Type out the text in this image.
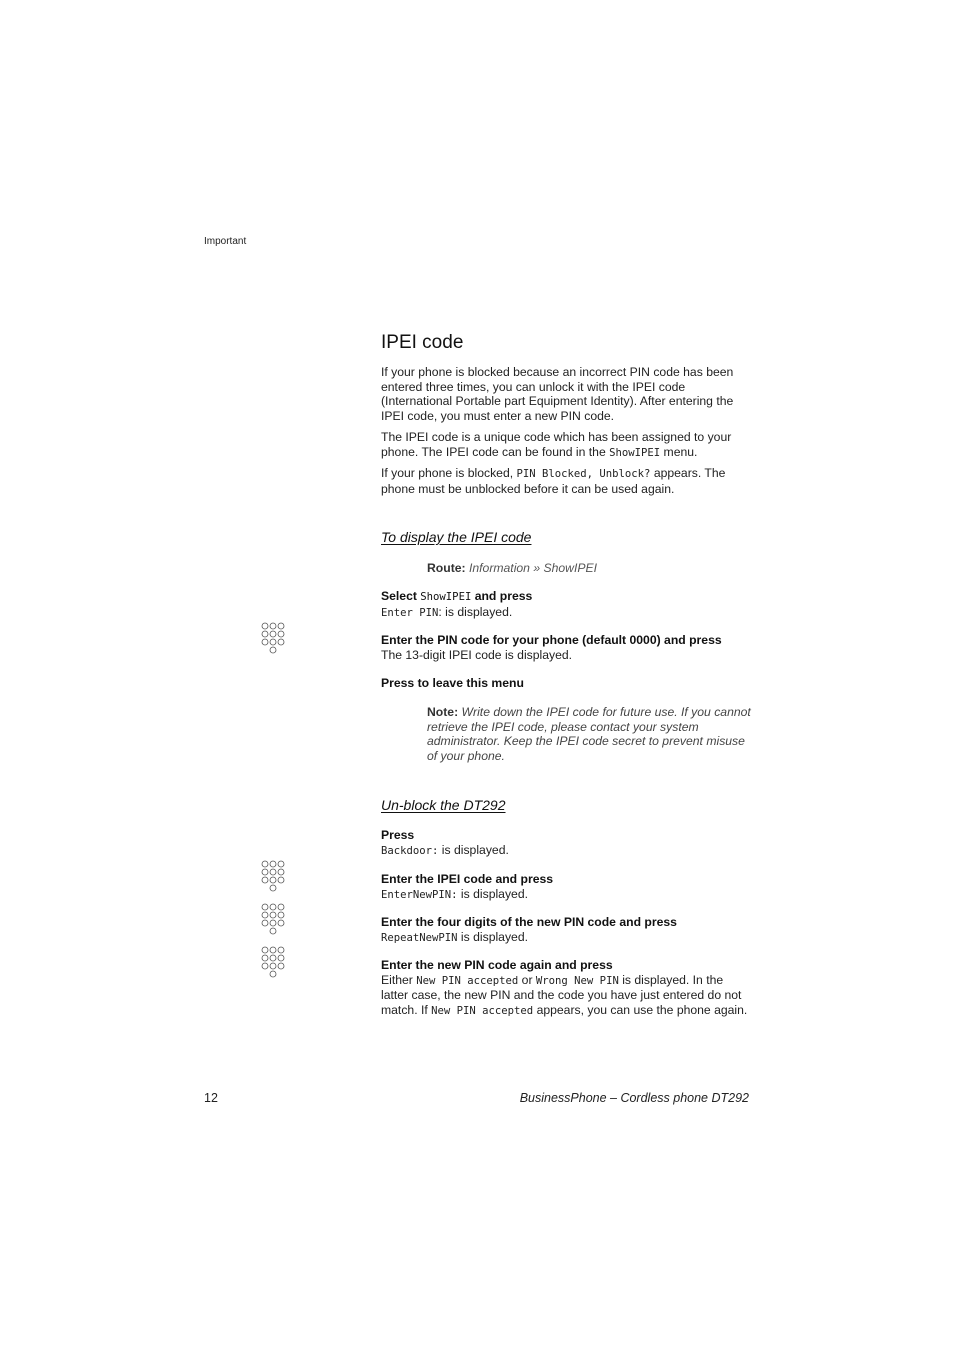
Important
IPEI code

If your phone is blocked because an incorrect PIN code has been entered three times, you can unlock it with the IPEI code (International Portable part Equipment Identity). After entering the IPEI code, you must enter a new PIN code.

The IPEI code is a unique code which has been assigned to your phone. The IPEI code can be found in the ShowIPEI menu.

If your phone is blocked, PIN Blocked, Unblock? appears. The phone must be unblocked before it can be used again.

To display the IPEI code
Route: Information » ShowIPEI
Select ShowIPEI and press
Enter PIN: is displayed.
Enter the PIN code for your phone (default 0000) and press
The 13-digit IPEI code is displayed.
Press to leave this menu
Note: Write down the IPEI code for future use. If you cannot retrieve the IPEI code, please contact your system administrator. Keep the IPEI code secret to prevent misuse of your phone.
Un-block the DT292
Press
Backdoor: is displayed.
Enter the IPEI code and press
EnterNewPIN: is displayed.
Enter the four digits of the new PIN code and press
RepeatNewPIN is displayed.
Enter the new PIN code again and press
Either New PIN accepted or Wrong New PIN is displayed. In the latter case, the new PIN and the code you have just entered do not match. If New PIN accepted appears, you can use the phone again.
12	BusinessPhone – Cordless phone DT292
